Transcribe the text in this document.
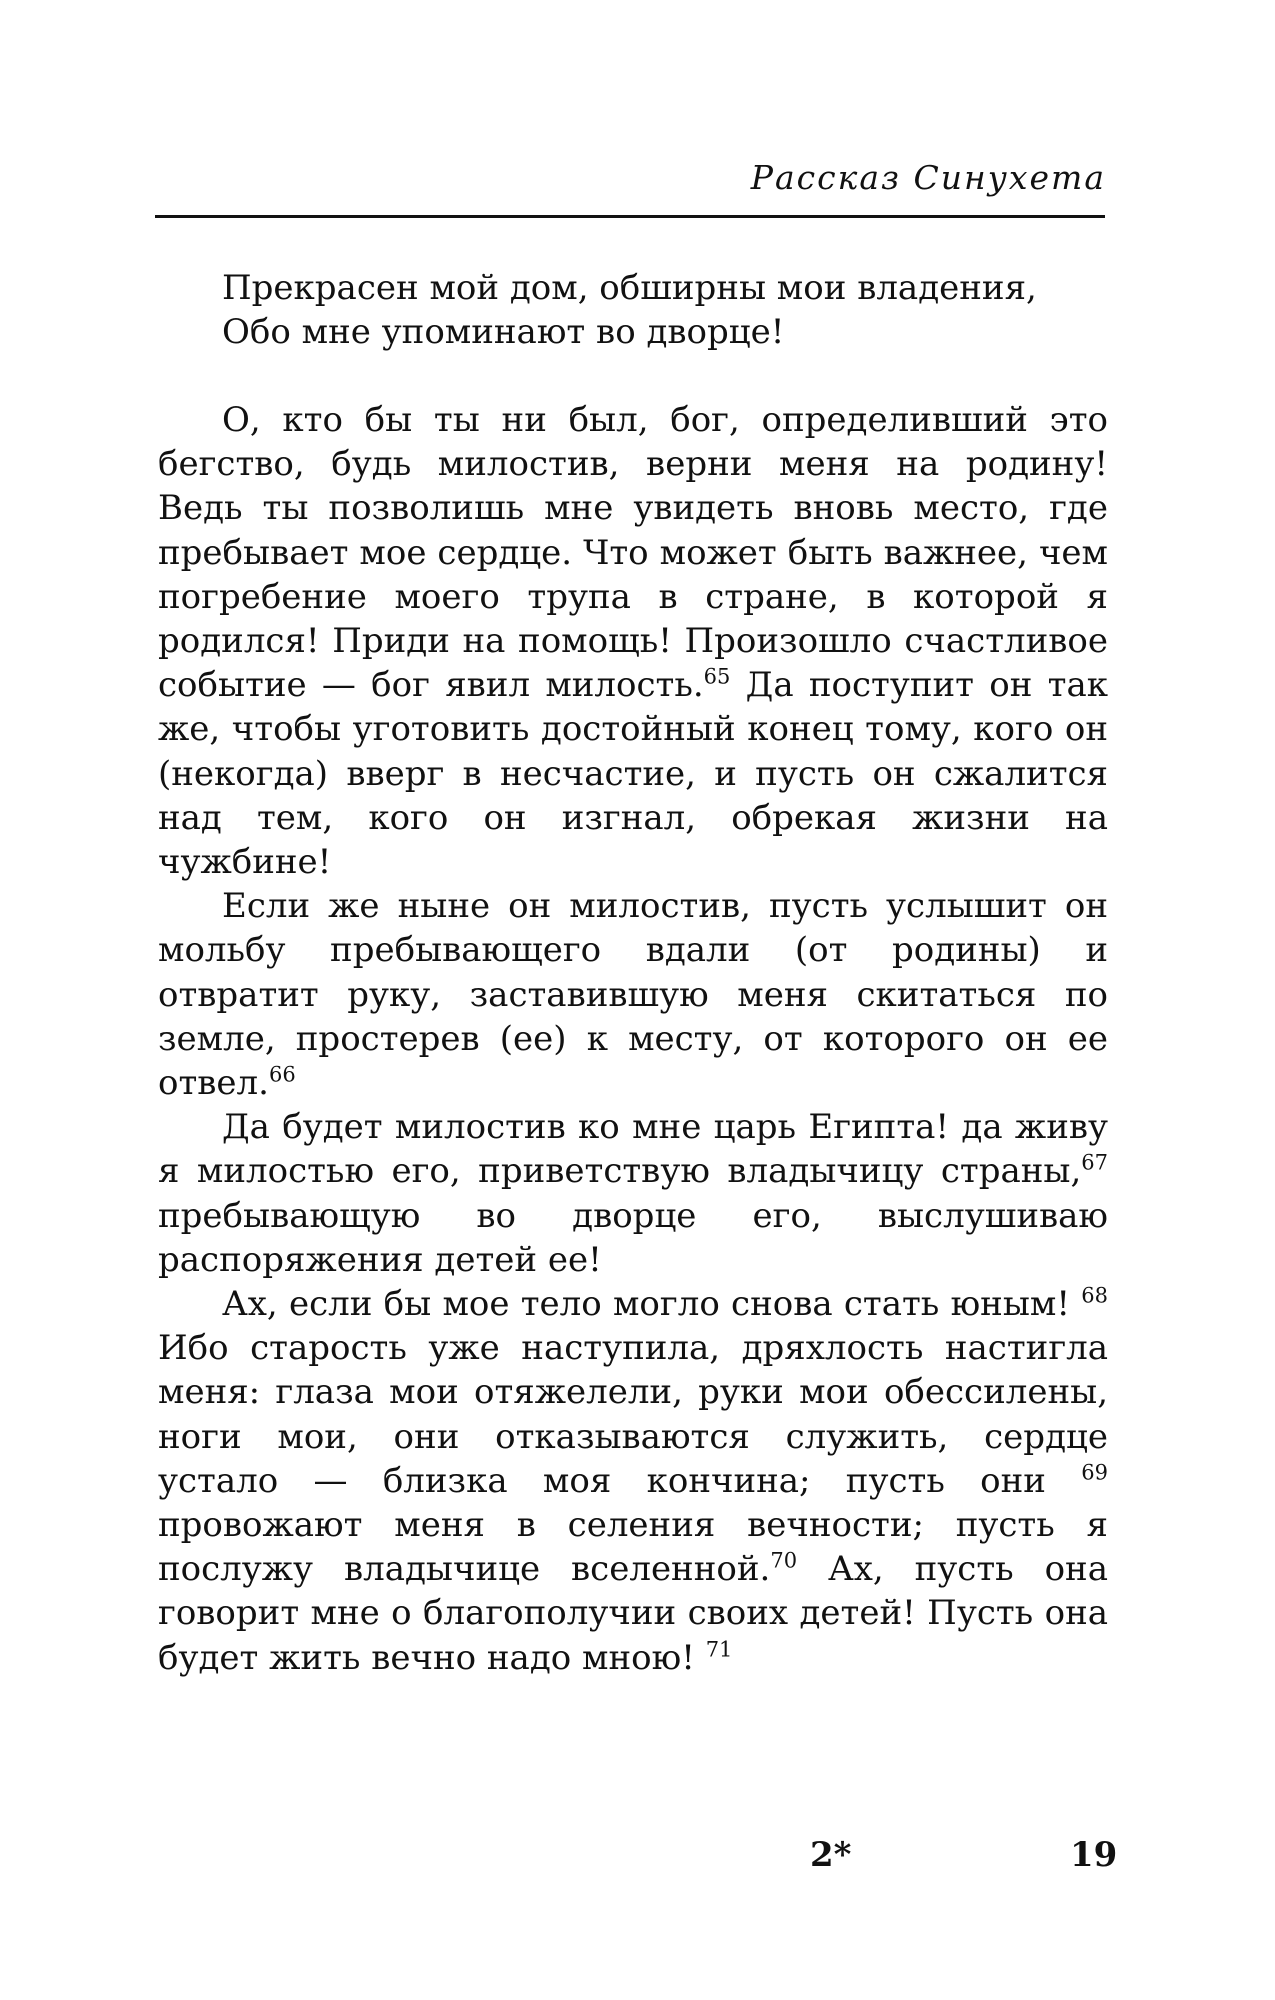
Рассказ Синухета
Прекрасен мой дом, обширны мои владения,
Обо мне упоминают во дворце!

О, кто бы ты ни был, бог, определивший это бегство, будь милостив, верни меня на родину! Ведь ты позволишь мне увидеть вновь место, где пребывает мое сердце. Что может быть важнее, чем погребение моего трупа в стране, в которой я родился! Приди на помощь! Произошло счастливое событие — бог явил милость.$^{65}$ Да поступит он так же, чтобы уготовить достойный конец тому, кого он (некогда) вверг в несчастие, и пусть он сжалится над тем, кого он изгнал, обрекая жизни на чужбине!

Если же ныне он милостив, пусть услышит он мольбу пребывающего вдали (от родины) и отвратит руку, заставившую меня скитаться по земле, простерев (ее) к месту, от которого он ее отвел.$^{66}$

Да будет милостив ко мне царь Египта! да живу я милостью его, приветствую владычицу страны,$^{67}$ пребывающую во дворце его, выслушиваю распоряжения детей ее!

Ах, если бы мое тело могло снова стать юным! $^{68}$ Ибо старость уже наступила, дряхлость настигла меня: глаза мои отяжелели, руки мои обессилены, ноги мои, они отказываются служить, сердце устало — близка моя кончина; пусть они $^{69}$ провожают меня в селения вечности; пусть я послужу владычице вселенной.$^{70}$ Ах, пусть она говорит мне о благополучии своих детей! Пусть она будет жить вечно надо мною! $^{71}$

2*	19
